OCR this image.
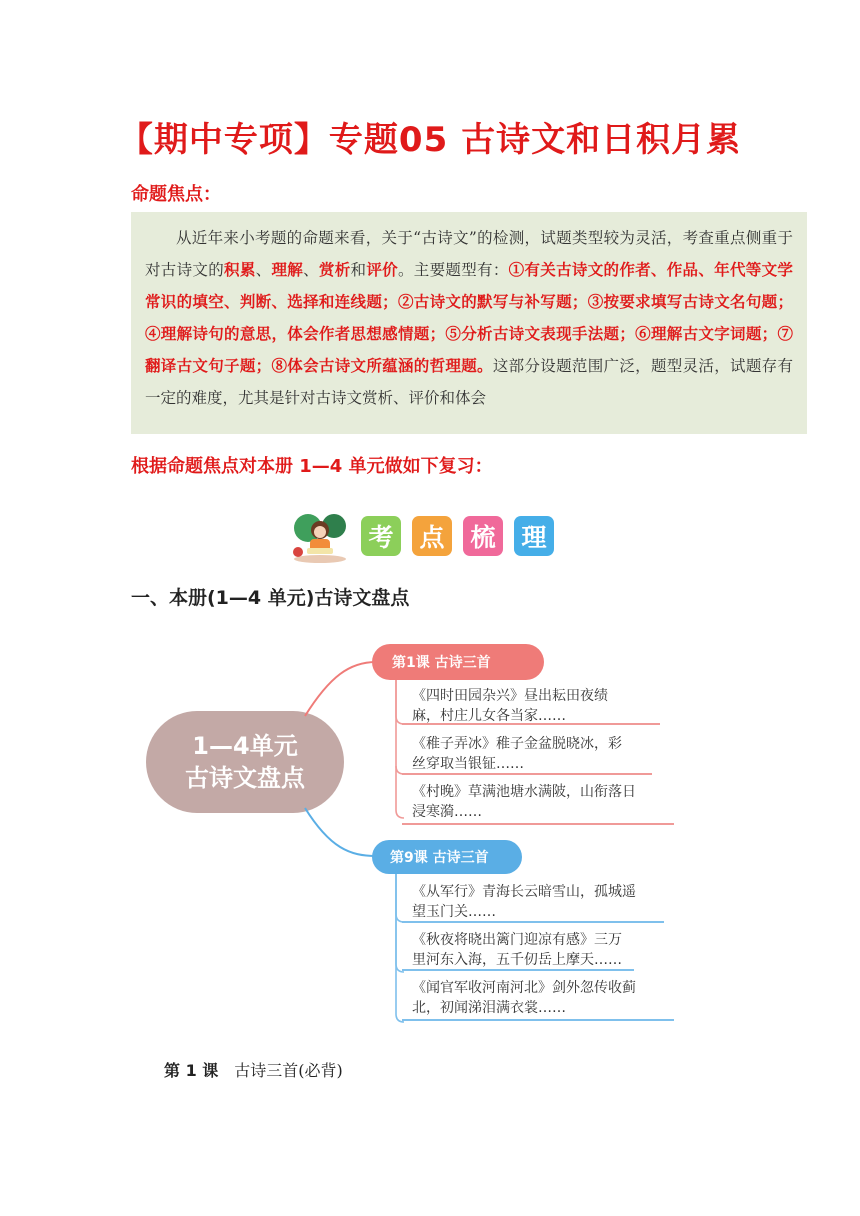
【期中专项】专题05 古诗文和日积月累
命题焦点：
从近年来小考题的命题来看，关于“古诗文”的检测，试题类型较为灵活，考查重点侧重于对古诗文的积累、理解、赏析和评价。主要题型有：①有关古诗文的作者、作品、年代等文学常识的填空、判断、选择和连线题；②古诗文的默写与补写题；③按要求填写古诗文名句题；④理解诗句的意思，体会作者思想感情题；⑤分析古诗文表现手法题；⑥理解古文字词题；⑦翻译古文句子题；⑧体会古诗文所蕴涵的哲理题。这部分设题范围广泛，题型灵活，试题存有一定的难度，尤其是针对古诗文赏析、评价和体会
根据命题焦点对本册 1—4 单元做如下复习：
考	点	梳	理
一、本册(1—4 单元)古诗文盘点
1—4单元
古诗文盘点
第1课 古诗三首
第9课 古诗三首
《四时田园杂兴》昼出耘田夜绩
麻，村庄儿女各当家……
《稚子弄冰》稚子金盆脱晓冰，彩
丝穿取当银钲……
《村晚》草满池塘水满陂，山衔落日
浸寒漪……
《从军行》青海长云暗雪山，孤城遥
望玉门关……
《秋夜将晓出篱门迎凉有感》三万
里河东入海，五千仞岳上摩天……
《闻官军收河南河北》剑外忽传收蓟
北，初闻涕泪满衣裳……
第 1 课　古诗三首(必背)
